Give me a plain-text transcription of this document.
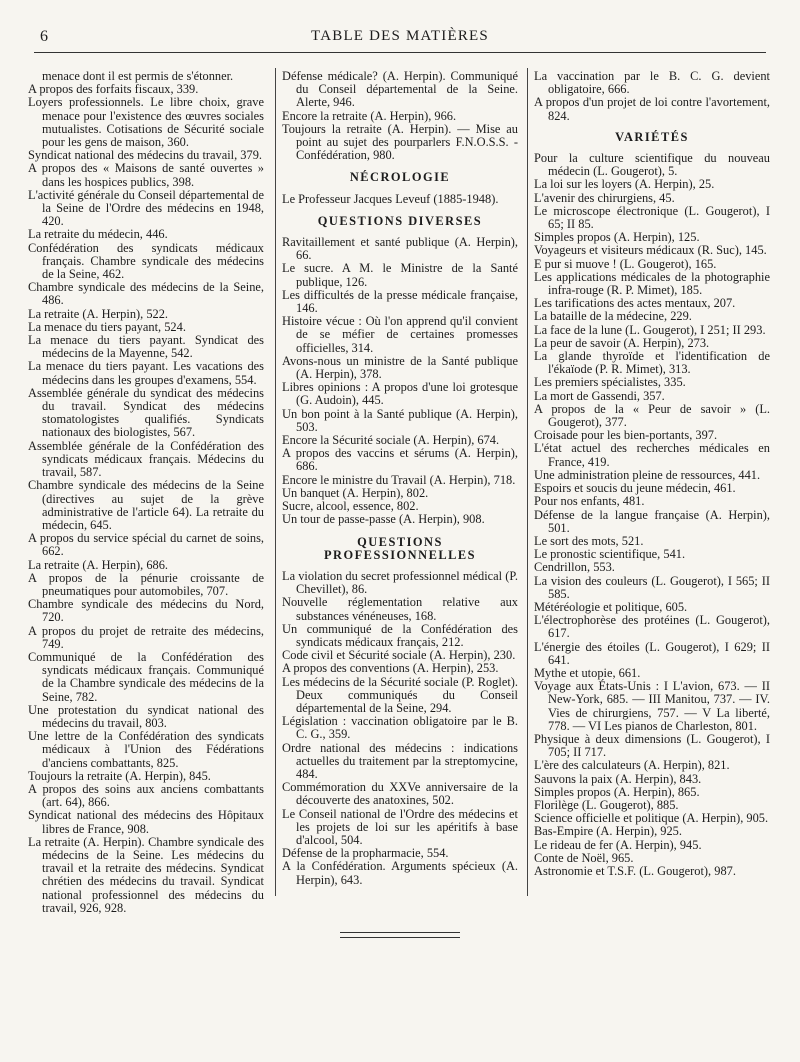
6	TABLE DES MATIÈRES

menace dont il est permis de s'étonner.

A propos des forfaits fiscaux, 339.

Loyers professionnels. Le libre choix, grave menace pour l'existence des œuvres sociales mutualistes. Cotisations de Sécurité sociale pour les gens de maison, 360.

Syndicat national des médecins du travail, 379.

A propos des « Maisons de santé ouvertes » dans les hospices publics, 398.

L'activité générale du Conseil départemental de la Seine de l'Ordre des médecins en 1948, 420.

La retraite du médecin, 446.

Confédération des syndicats médicaux français. Chambre syndicale des médecins de la Seine, 462.

Chambre syndicale des médecins de la Seine, 486.

La retraite (A. Herpin), 522.

La menace du tiers payant, 524.

La menace du tiers payant. Syndicat des médecins de la Mayenne, 542.

La menace du tiers payant. Les vacations des médecins dans les groupes d'examens, 554.

Assemblée générale du syndicat des médecins du travail. Syndicat des médecins stomatologistes qualifiés. Syndicats nationaux des biologistes, 567.

Assemblée générale de la Confédération des syndicats médicaux français. Médecins du travail, 587.

Chambre syndicale des médecins de la Seine (directives au sujet de la grève administrative de l'article 64). La retraite du médecin, 645.

A propos du service spécial du carnet de soins, 662.

La retraite (A. Herpin), 686.

A propos de la pénurie croissante de pneumatiques pour automobiles, 707.

Chambre syndicale des médecins du Nord, 720.

A propos du projet de retraite des médecins, 749.

Communiqué de la Confédération des syndicats médicaux français. Communiqué de la Chambre syndicale des médecins de la Seine, 782.

Une protestation du syndicat national des médecins du travail, 803.

Une lettre de la Confédération des syndicats médicaux à l'Union des Fédérations d'anciens combattants, 825.

Toujours la retraite (A. Herpin), 845.

A propos des soins aux anciens combattants (art. 64), 866.

Syndicat national des médecins des Hôpitaux libres de France, 908.

La retraite (A. Herpin). Chambre syndicale des médecins de la Seine. Les médecins du travail et la retraite des médecins. Syndicat chrétien des médecins du travail. Syndicat national professionnel des médecins du travail, 926, 928.

Défense médicale? (A. Herpin). Communiqué du Conseil départemental de la Seine. Alerte, 946.

Encore la retraite (A. Herpin), 966.

Toujours la retraite (A. Herpin). — Mise au point au sujet des pourparlers F.N.O.S.S. - Confédération, 980.

NÉCROLOGIE

Le Professeur Jacques Leveuf (1885-1948).

QUESTIONS DIVERSES

Ravitaillement et santé publique (A. Herpin), 66.

Le sucre. A M. le Ministre de la Santé publique, 126.

Les difficultés de la presse médicale française, 146.

Histoire vécue : Où l'on apprend qu'il convient de se méfier de certaines promesses officielles, 314.

Avons-nous un ministre de la Santé publique (A. Herpin), 378.

Libres opinions : A propos d'une loi grotesque (G. Audoin), 445.

Un bon point à la Santé publique (A. Herpin), 503.

Encore la Sécurité sociale (A. Herpin), 674.

A propos des vaccins et sérums (A. Herpin), 686.

Encore le ministre du Travail (A. Herpin), 718.

Un banquet (A. Herpin), 802.

Sucre, alcool, essence, 802.

Un tour de passe-passe (A. Herpin), 908.

QUESTIONS PROFESSIONNELLES

La violation du secret professionnel médical (P. Chevillet), 86.

Nouvelle réglementation relative aux substances vénéneuses, 168.

Un communiqué de la Confédération des syndicats médicaux français, 212.

Code civil et Sécurité sociale (A. Herpin), 230.

A propos des conventions (A. Herpin), 253.

Les médecins de la Sécurité sociale (P. Roglet). Deux communiqués du Conseil départemental de la Seine, 294.

Législation : vaccination obligatoire par le B. C. G., 359.

Ordre national des médecins : indications actuelles du traitement par la streptomycine, 484.

Commémoration du XXVe anniversaire de la découverte des anatoxines, 502.

Le Conseil national de l'Ordre des médecins et les projets de loi sur les apéritifs à base d'alcool, 504.

Défense de la propharmacie, 554.

A la Confédération. Arguments spécieux (A. Herpin), 643.

La vaccination par le B. C. G. devient obligatoire, 666.

A propos d'un projet de loi contre l'avortement, 824.

VARIÉTÉS

Pour la culture scientifique du nouveau médecin (L. Gougerot), 5.

La loi sur les loyers (A. Herpin), 25.

L'avenir des chirurgiens, 45.

Le microscope électronique (L. Gougerot), I 65; II 85.

Simples propos (A. Herpin), 125.

Voyageurs et visiteurs médicaux (R. Suc), 145.

E pur si muove ! (L. Gougerot), 165.

Les applications médicales de la photographie infra-rouge (R. P. Mimet), 185.

Les tarifications des actes mentaux, 207.

La bataille de la médecine, 229.

La face de la lune (L. Gougerot), I 251; II 293.

La peur de savoir (A. Herpin), 273.

La glande thyroïde et l'identification de l'ékaïode (P. R. Mimet), 313.

Les premiers spécialistes, 335.

La mort de Gassendi, 357.

A propos de la « Peur de savoir » (L. Gougerot), 377.

Croisade pour les bien-portants, 397.

L'état actuel des recherches médicales en France, 419.

Une administration pleine de ressources, 441.

Espoirs et soucis du jeune médecin, 461.

Pour nos enfants, 481.

Défense de la langue française (A. Herpin), 501.

Le sort des mots, 521.

Le pronostic scientifique, 541.

Cendrillon, 553.

La vision des couleurs (L. Gougerot), I 565; II 585.

Météréologie et politique, 605.

L'électrophorèse des protéines (L. Gougerot), 617.

L'énergie des étoiles (L. Gougerot), I 629; II 641.

Mythe et utopie, 661.

Voyage aux États-Unis : I L'avion, 673. — II New-York, 685. — III Manitou, 737. — IV. Vies de chirurgiens, 757. — V La liberté, 778. — VI Les pianos de Charleston, 801.

Physique à deux dimensions (L. Gougerot), I 705; II 717.

L'ère des calculateurs (A. Herpin), 821.

Sauvons la paix (A. Herpin), 843.

Simples propos (A. Herpin), 865.

Florilège (L. Gougerot), 885.

Science officielle et politique (A. Herpin), 905.

Bas-Empire (A. Herpin), 925.

Le rideau de fer (A. Herpin), 945.

Conte de Noël, 965.

Astronomie et T.S.F. (L. Gougerot), 987.
